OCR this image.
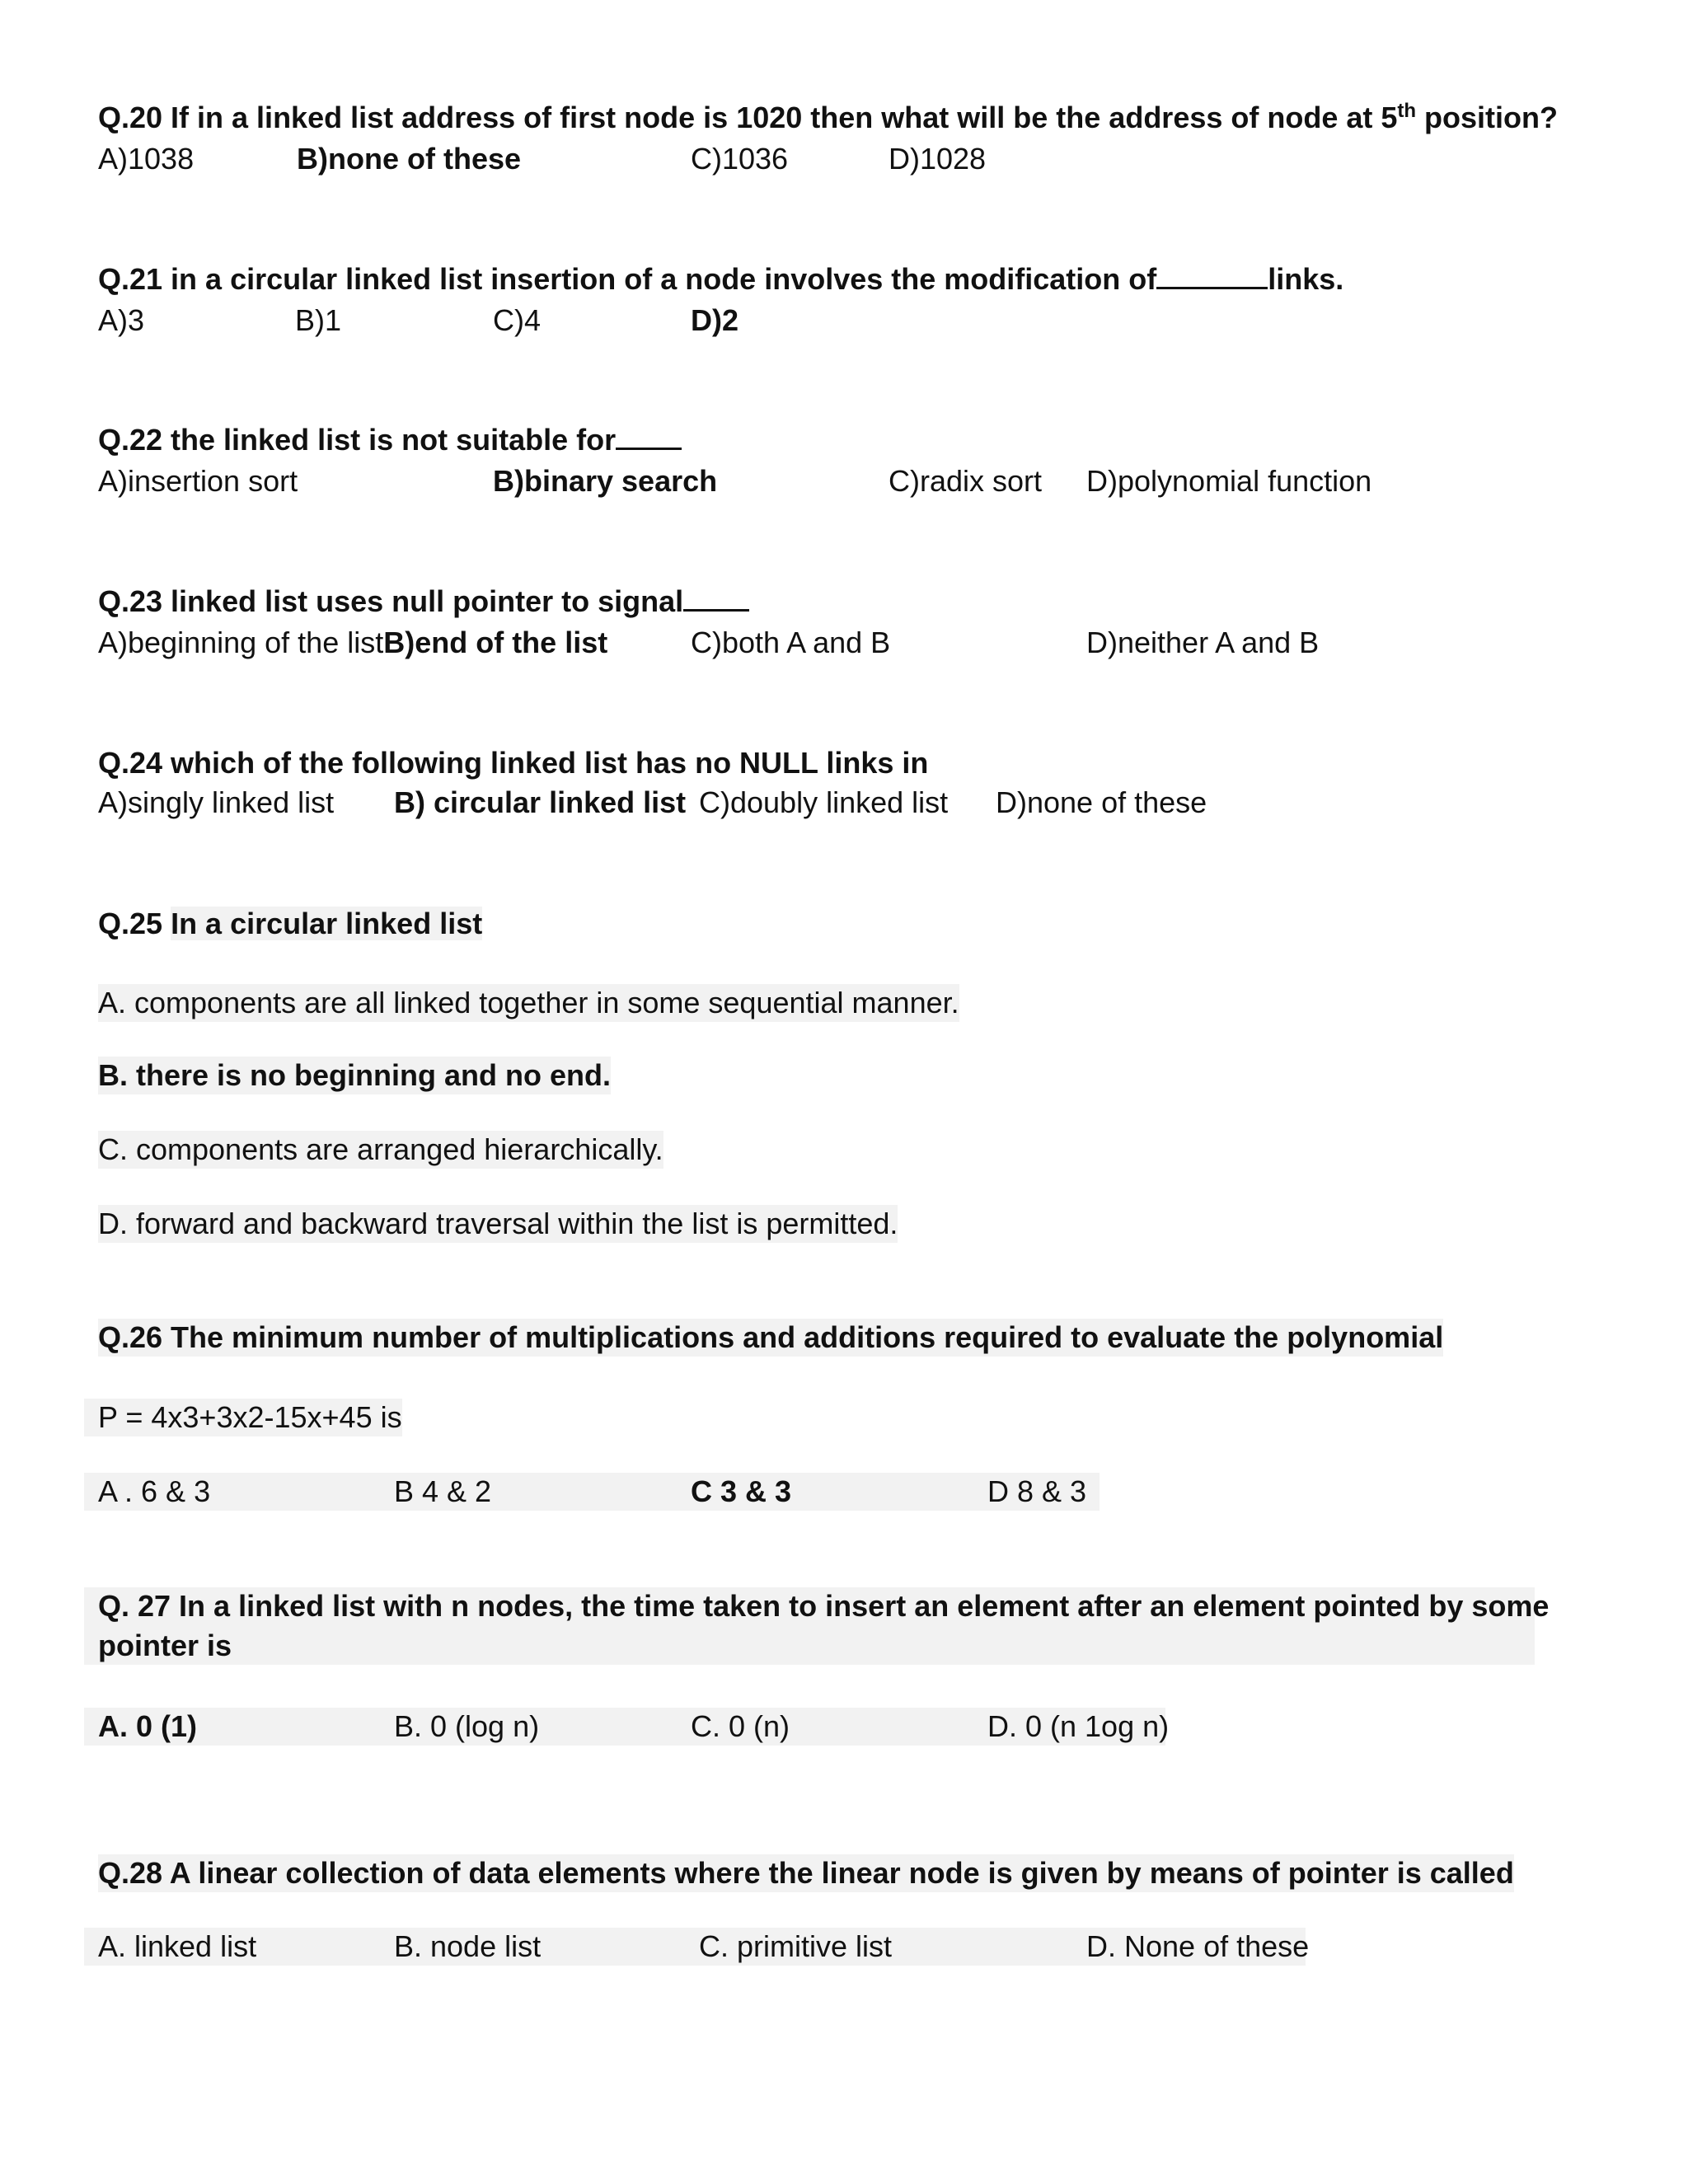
Q.20 If in a linked list address of first node is 1020 then what will be the address of node at 5th position?
A)1038	B)none of these	C)1036	D)1028
Q.21 in a circular linked list insertion of a node involves the modification of	links.
A)3	B)1	C)4	D)2
Q.22 the linked list is not suitable for
A)insertion sort	B)binary search	C)radix sort D)polynomial function
Q.23 linked list uses null pointer to signal
A)beginning of the listB)end of the list	C)both A and B	D)neither A and B
Q.24 which of the following linked list has no NULL links in
A)singly linked list B) circular linked list C)doubly linked list D)none of these
Q.25 In a circular linked list
A. components are all linked together in some sequential manner.
B. there is no beginning and no end.
C. components are arranged hierarchically.
D. forward and backward traversal within the list is permitted.
Q.26 The minimum number of multiplications and additions required to evaluate the polynomial
P = 4x3+3x2-15x+45 is
A . 6 & 3	B 4 & 2	C 3 & 3	D 8 & 3
Q. 27 In a linked list with n nodes, the time taken to insert an element after an element pointed by some
pointer is
A. 0 (1)	B. 0 (log n)	C. 0 (n)	D. 0 (n 1og n)
Q.28 A linear collection of data elements where the linear node is given by means of pointer is called
A. linked list	B. node list	C. primitive list	D. None of these
